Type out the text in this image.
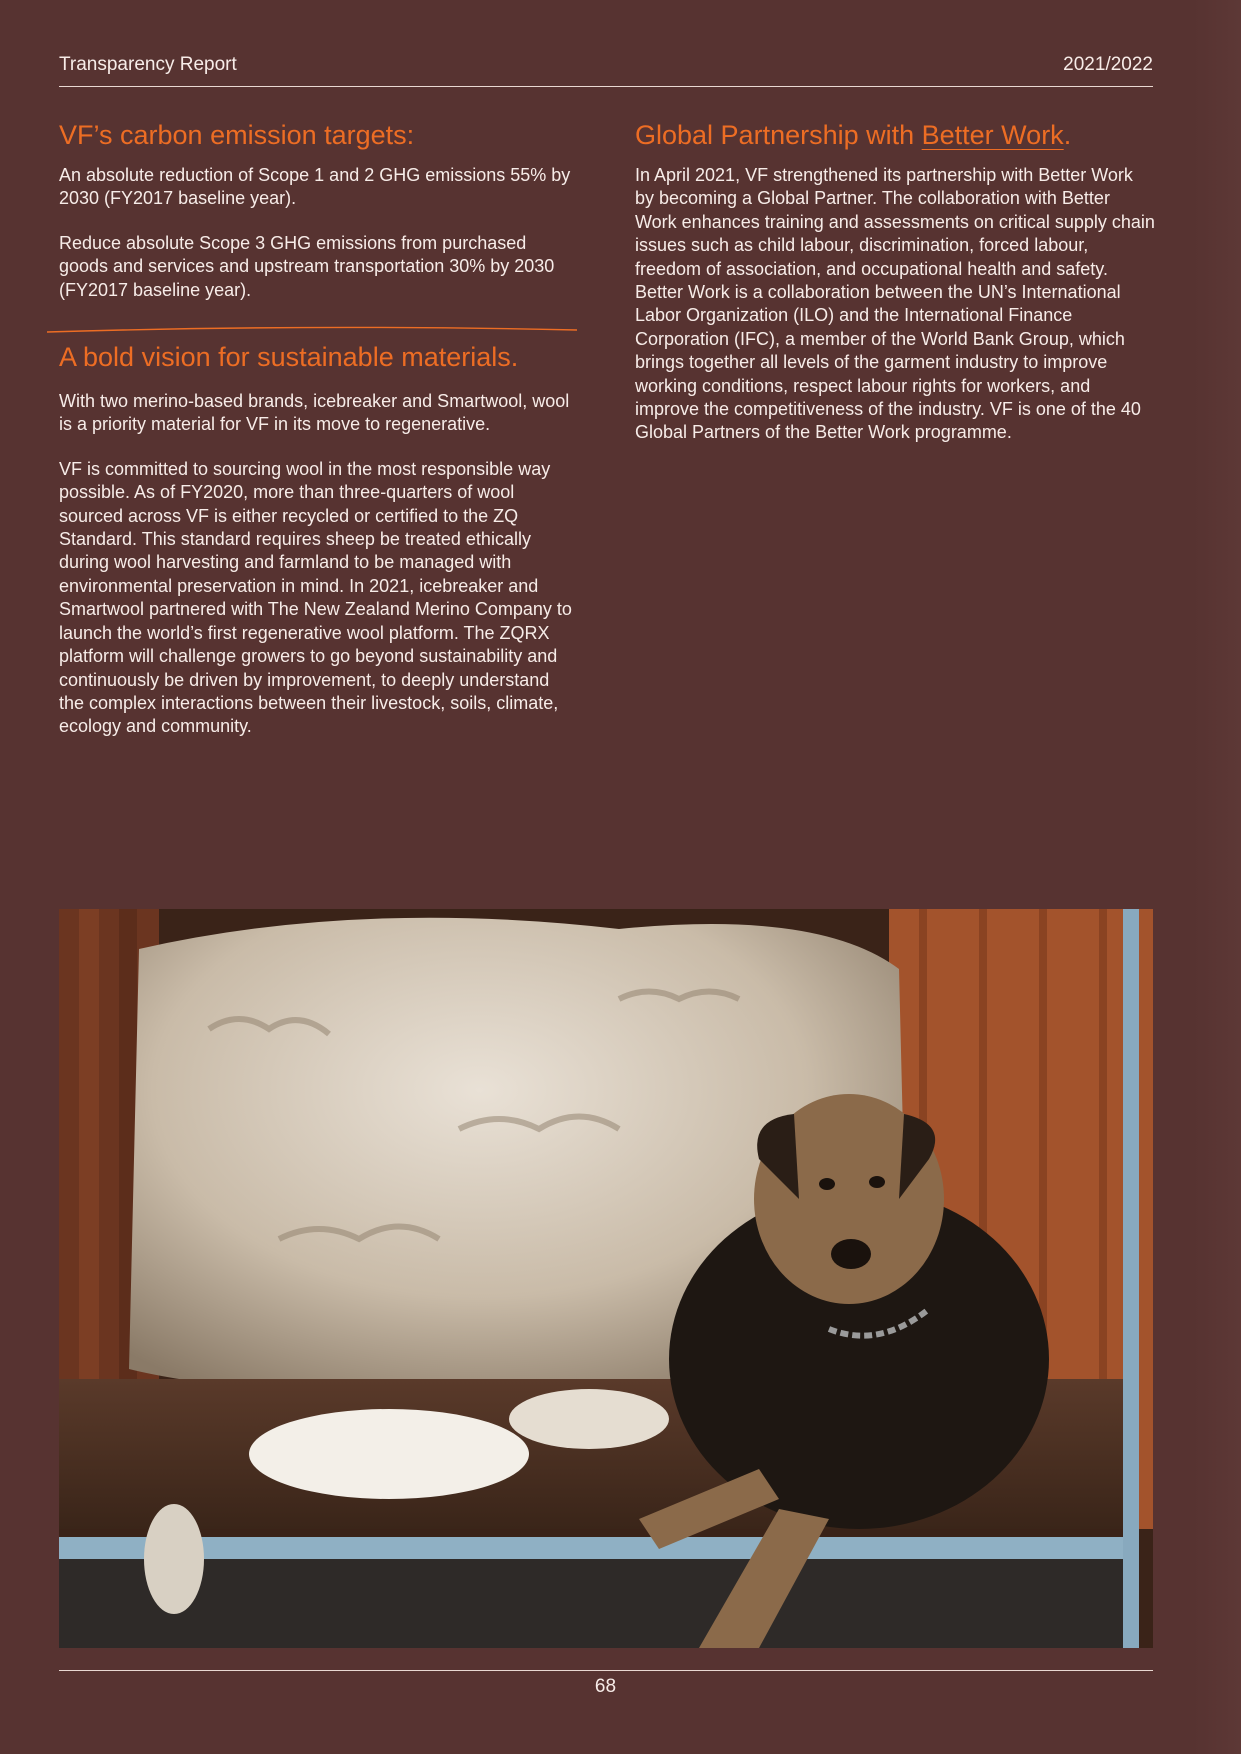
Transparency Report	2021/2022
VF’s carbon emission targets:

An absolute reduction of Scope 1 and 2 GHG emissions 55% by 2030 (FY2017 baseline year).

Reduce absolute Scope 3 GHG emissions from purchased goods and services and upstream transportation 30% by 2030 (FY2017 baseline year).

A bold vision for sustainable materials.

With two merino-based brands, icebreaker and Smartwool, wool is a priority material for VF in its move to regenerative.

VF is committed to sourcing wool in the most responsible way possible. As of FY2020, more than three-quarters of wool sourced across VF is either recycled or certified to the ZQ Standard. This standard requires sheep be treated ethically during wool harvesting and farmland to be managed with environmental preservation in mind. In 2021, icebreaker and Smartwool partnered with The New Zealand Merino Company to launch the world’s first regenerative wool platform. The ZQRX platform will challenge growers to go beyond sustainability and continuously be driven by improvement, to deeply understand the complex interactions between their livestock, soils, climate, ecology and community.

Global Partnership with Better Work.

In April 2021, VF strengthened its partnership with Better Work by becoming a Global Partner. The collaboration with Better Work enhances training and assessments on critical supply chain issues such as child labour, discrimination, forced labour, freedom of association, and occupational health and safety. Better Work is a collaboration between the UN’s International Labor Organization (ILO) and the International Finance Corporation (IFC), a member of the World Bank Group, which brings together all levels of the garment industry to improve working conditions, respect labour rights for workers, and improve the competitiveness of the industry. VF is one of the 40 Global Partners of the Better Work programme.

68
